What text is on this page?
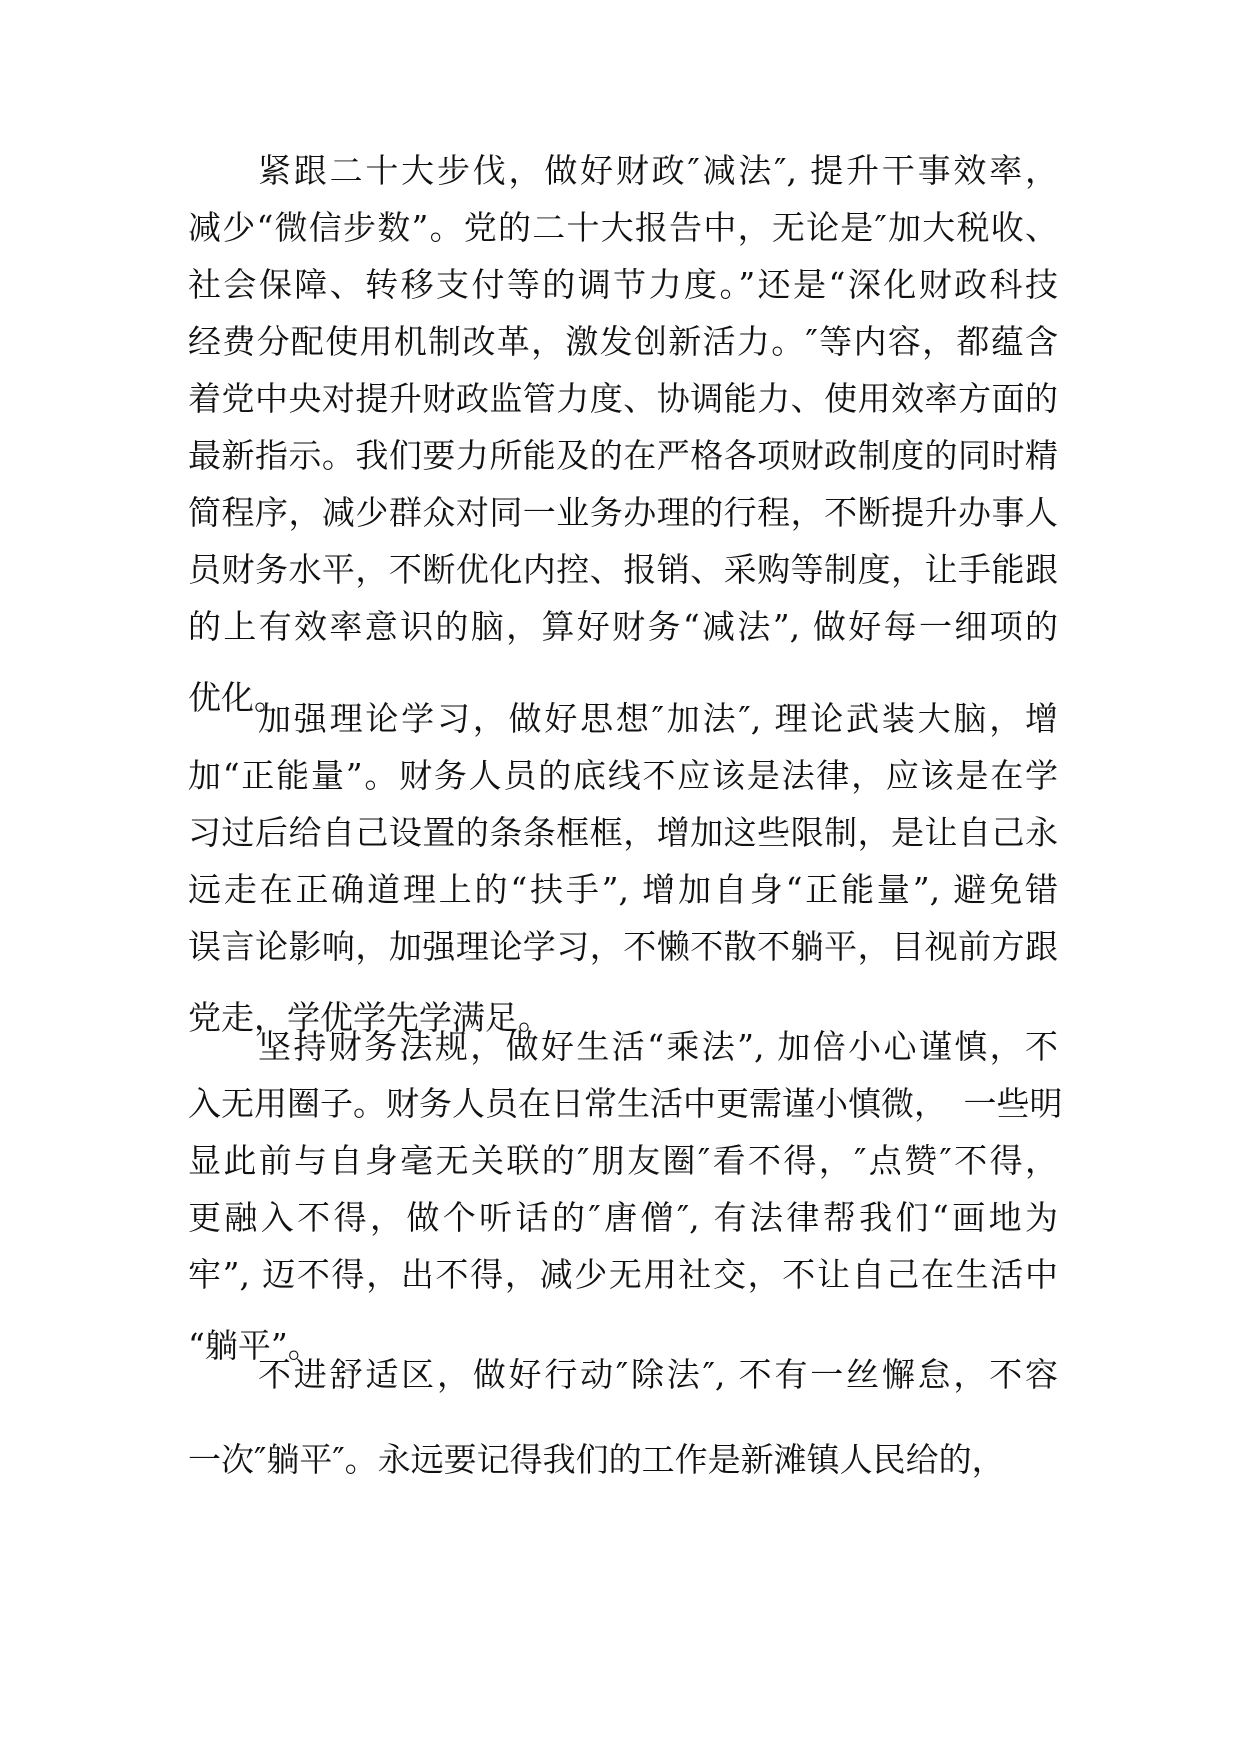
紧跟二十大步伐，做好财政″减法″, 提升干事效率，
减少“微信步数”。党的二十大报告中，无论是″加大税收、
社会保障、转移支付等的调节力度。”还是“深化财政科技
经费分配使用机制改革，激发创新活力。″等内容，都蕴含
着党中央对提升财政监管力度、协调能力、使用效率方面的
最新指示。我们要力所能及的在严格各项财政制度的同时精
简程序，减少群众对同一业务办理的行程，不断提升办事人
员财务水平，不断优化内控、报销、采购等制度，让手能跟
的上有效率意识的脑，算好财务“减法”, 做好每一细项的
优化。
加强理论学习，做好思想″加法″, 理论武装大脑，增
加“正能量”。财务人员的底线不应该是法律，应该是在学
习过后给自己设置的条条框框，增加这些限制，是让自己永
远走在正确道理上的“扶手”, 增加自身“正能量”, 避免错
误言论影响，加强理论学习，不懒不散不躺平，目视前方跟
党走，学优学先学满足。
坚持财务法规，做好生活“乘法”, 加倍小心谨慎，不
入无用圈子。财务人员在日常生活中更需谨小慎微，　一些明
显此前与自身毫无关联的″朋友圈″看不得，″点赞″不得，
更融入不得，做个听话的″唐僧″, 有法律帮我们“画地为
牢”, 迈不得，出不得，减少无用社交，不让自己在生活中
“躺平”。
不进舒适区，做好行动″除法″, 不有一丝懈怠，不容
一次″躺平″。永远要记得我们的工作是新滩镇人民给的，
